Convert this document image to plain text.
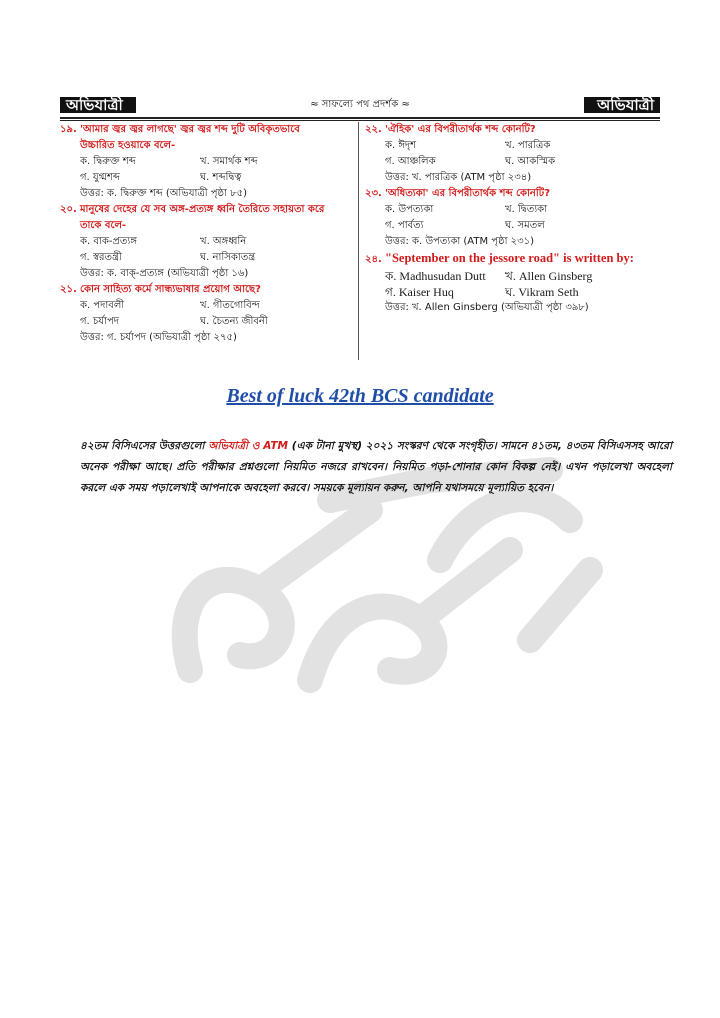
অভিযাত্রী	≈ সাফল্যে পথ প্রদর্শক ≈	অভিযাত্রী
১৯. 'আমার জ্বর জ্বর লাগছে' জ্বর জ্বর শব্দ দুটি অবিকৃতভাবে
উচ্চারিত হওয়াকে বলে-
ক. দ্বিরুক্ত শব্দ	খ. সমার্থক শব্দ
গ. যুগ্মশব্দ	ঘ. শব্দদ্বিত্ব
উত্তর: ক. দ্বিরুক্ত শব্দ (অভিযাত্রী পৃষ্ঠা ৮৫)
২০. মানুষের দেহের যে সব অঙ্গ-প্রত্যঙ্গ ধ্বনি তৈরিতে সহায়তা করে
তাকে বলে-
ক. বাক-প্রত্যঙ্গ	খ. অঙ্গধ্বনি
গ. স্বরতন্ত্রী	ঘ. নাসিকাতন্ত্র
উত্তর: ক. বাক্-প্রত্যঙ্গ (অভিযাত্রী পৃষ্ঠা ১৬)
২১. কোন সাহিত্য কর্মে সান্ধ্যভাষার প্রয়োগ আছে?
ক. পদাবলী	খ. গীতগোবিন্দ
গ. চর্যাপদ	ঘ. চৈতন্য জীবনী
উত্তর: গ. চর্যাপদ (অভিযাত্রী পৃষ্ঠা ২৭৫)
২২. 'ঐহিক' এর বিপরীতার্থক শব্দ কোনটি?
ক. ঈদৃশ	খ. পারত্রিক
গ. আঞ্চলিক	ঘ. আকস্মিক
উত্তর: খ. পারত্রিক (ATM পৃষ্ঠা ২৩৪)
২৩. 'অধিত্যকা' এর বিপরীতার্থক শব্দ কোনটি?
ক. উপত্যকা	খ. দ্বিত্যকা
গ. পার্বত্য	ঘ. সমতল
উত্তর: ক. উপত্যকা (ATM পৃষ্ঠা ২৩১)
২৪. "September on the jessore road" is written by:
ক. Madhusudan Dutt	খ. Allen Ginsberg
গ. Kaiser Huq	ঘ. Vikram Seth
উত্তর: খ. Allen Ginsberg (অভিযাত্রী পৃষ্ঠা ৩৯৮)
Best of luck 42th BCS candidate
৪২তম বিসিএসের উত্তরগুলো অভিযাত্রী ও ATM (এক টানা মুখস্থ) ২০২১ সংস্করণ থেকে সংগৃহীত। সামনে ৪১তম, ৪৩তম বিসিএসসহ আরো অনেক পরীক্ষা আছে। প্রতি পরীক্ষার প্রশ্নগুলো নিয়মিত নজরে রাখবেন। নিয়মিত পড়া-শোনার কোন বিকল্প নেই। এখন পড়ালেখা অবহেলা করলে এক সময় পড়ালেখাই আপনাকে অবহেলা করবে। সময়কে মূল্যায়ন করুন, আপনি যথাসময়ে মূল্যায়িত হবেন।
